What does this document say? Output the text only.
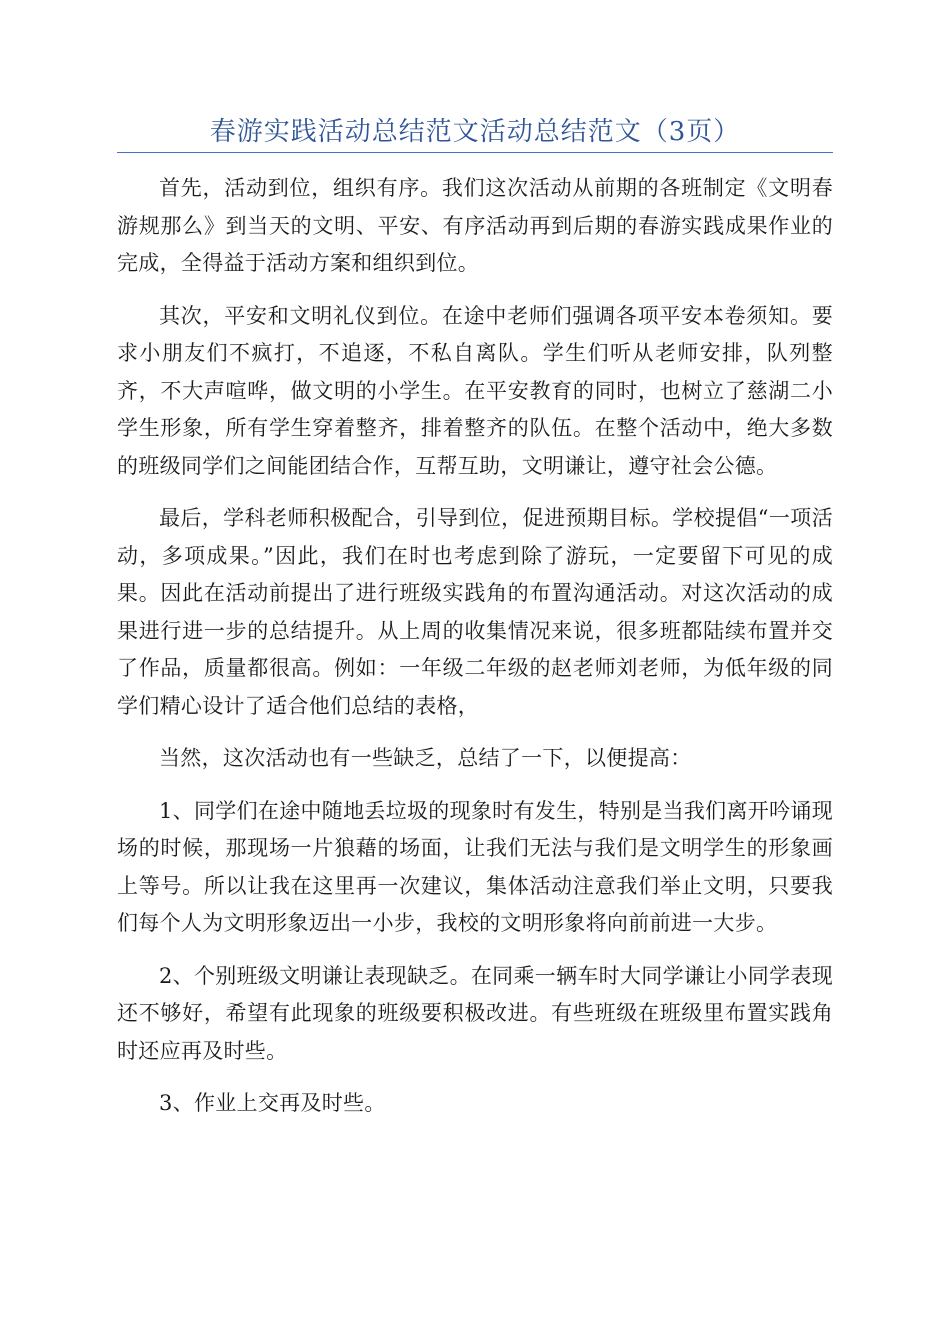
春游实践活动总结范文活动总结范文（3页）

首先，活动到位，组织有序。我们这次活动从前期的各班制定《文明春游规那么》到当天的文明、平安、有序活动再到后期的春游实践成果作业的完成，全得益于活动方案和组织到位。

其次，平安和文明礼仪到位。在途中老师们强调各项平安本卷须知。要求小朋友们不疯打，不追逐，不私自离队。学生们听从老师安排，队列整齐，不大声喧哗，做文明的小学生。在平安教育的同时，也树立了慈湖二小学生形象，所有学生穿着整齐，排着整齐的队伍。在整个活动中，绝大多数的班级同学们之间能团结合作，互帮互助，文明谦让，遵守社会公德。

最后，学科老师积极配合，引导到位，促进预期目标。学校提倡“一项活动，多项成果。”因此，我们在时也考虑到除了游玩，一定要留下可见的成果。因此在活动前提出了进行班级实践角的布置沟通活动。对这次活动的成果进行进一步的总结提升。从上周的收集情况来说，很多班都陆续布置并交了作品，质量都很高。例如：一年级二年级的赵老师刘老师，为低年级的同学们精心设计了适合他们总结的表格，

当然，这次活动也有一些缺乏，总结了一下，以便提高：

1、同学们在途中随地丢垃圾的现象时有发生，特别是当我们离开吟诵现场的时候，那现场一片狼藉的场面，让我们无法与我们是文明学生的形象画上等号。所以让我在这里再一次建议，集体活动注意我们举止文明，只要我们每个人为文明形象迈出一小步，我校的文明形象将向前前进一大步。

2、个别班级文明谦让表现缺乏。在同乘一辆车时大同学谦让小同学表现还不够好，希望有此现象的班级要积极改进。有些班级在班级里布置实践角时还应再及时些。

3、作业上交再及时些。
